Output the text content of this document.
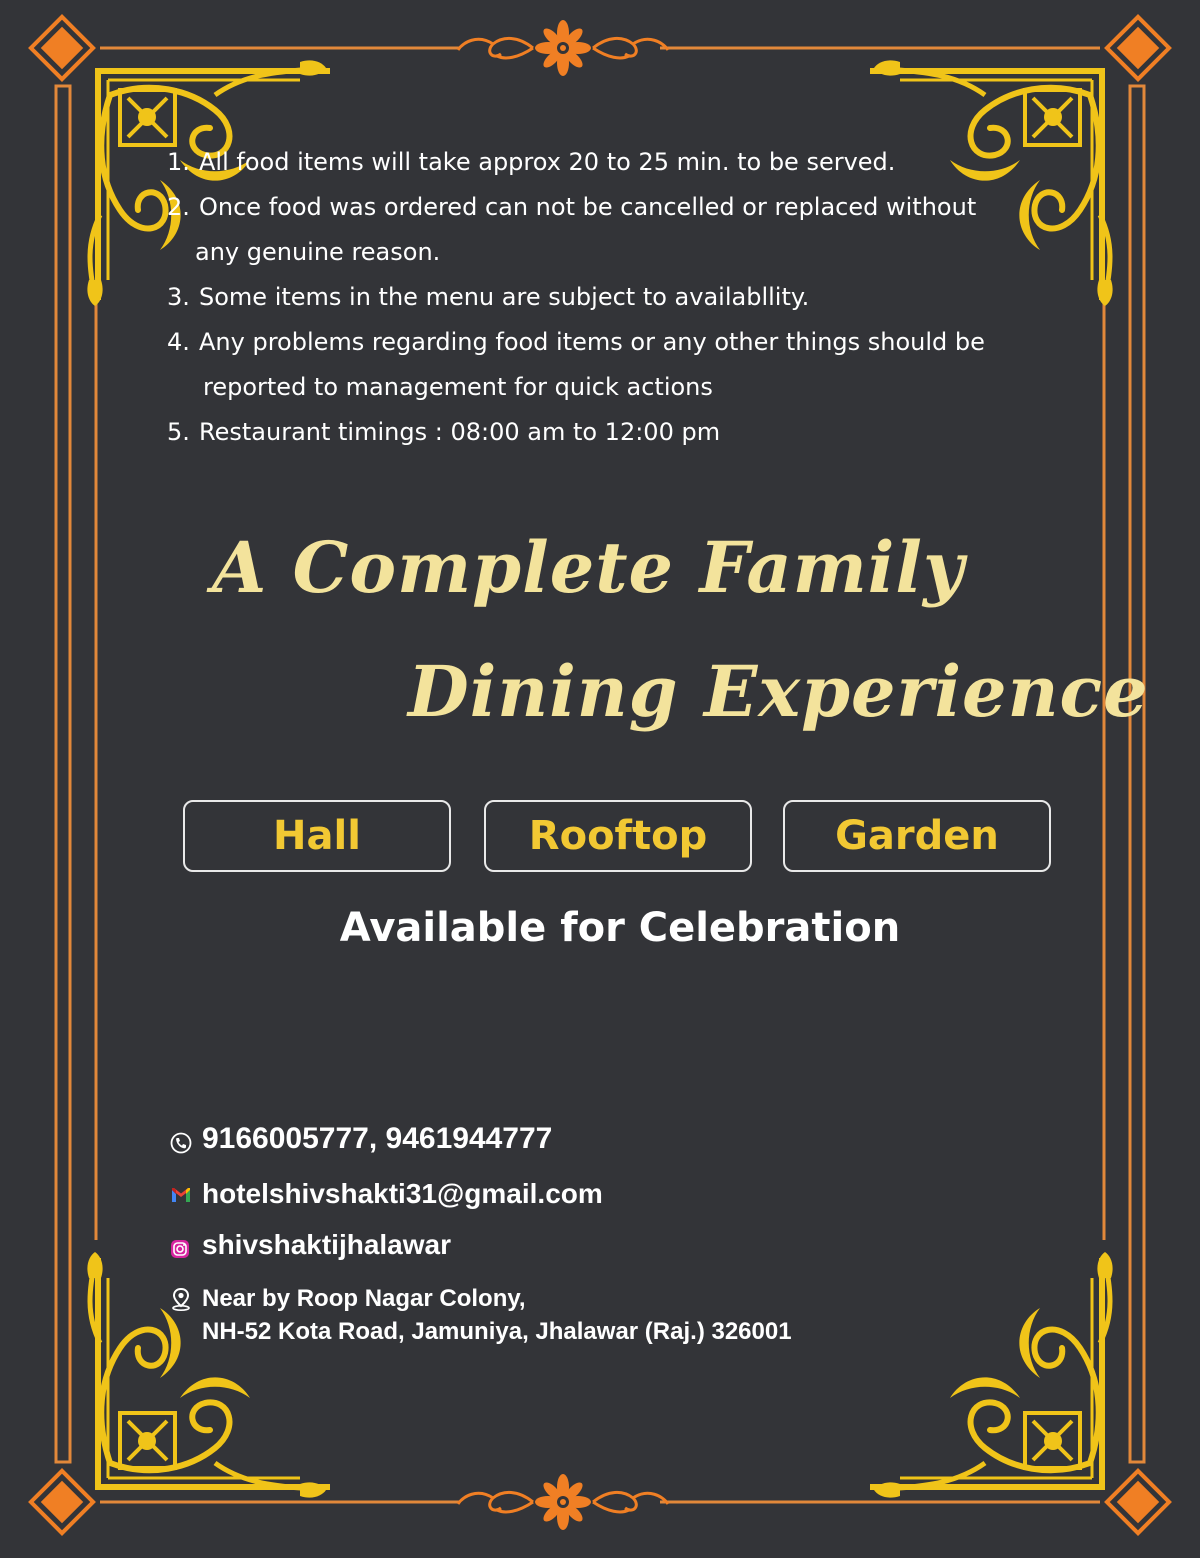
1. All food items will take approx 20 to 25 min. to be served.
2. Once food was ordered can not be cancelled or replaced without
any genuine reason.
3. Some items in the menu are subject to availabllity.
4. Any problems regarding food items or any other things should be
reported to management for quick actions
5. Restaurant timings : 08:00 am to 12:00 pm
A Complete Family
Dining Experience
Hall	Rooftop	Garden
Available for Celebration
9166005777, 9461944777
hotelshivshakti31@gmail.com
shivshaktijhalawar
Near by Roop Nagar Colony,
NH-52 Kota Road, Jamuniya, Jhalawar (Raj.) 326001
